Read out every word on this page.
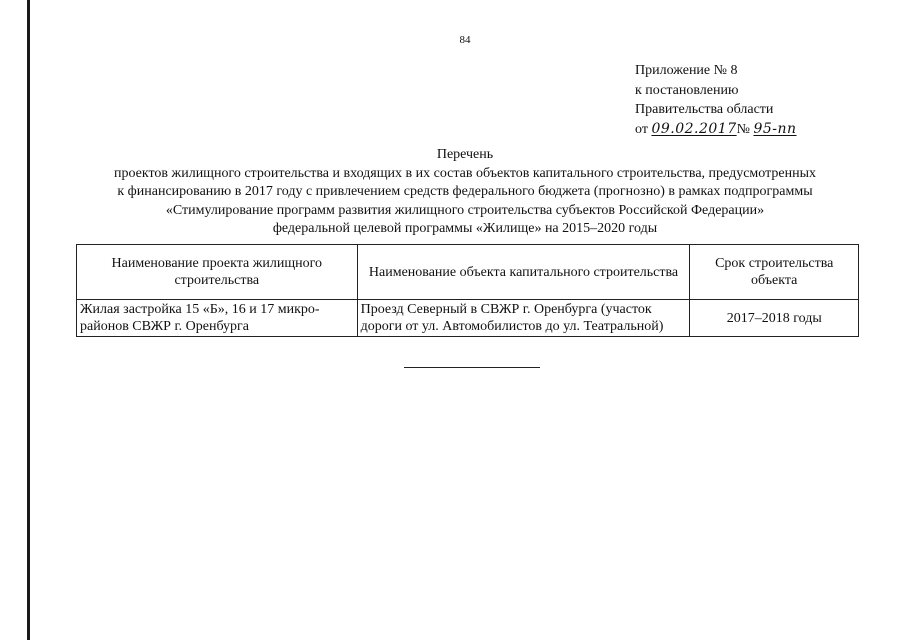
84
Приложение № 8
к постановлению
Правительства области
от 09.02.2017№ 95-пп
Перечень
проектов жилищного строительства и входящих в их состав объектов капитального строительства, предусмотренных
к финансированию в 2017 году с привлечением средств федерального бюджета (прогнозно) в рамках подпрограммы
«Стимулирование программ развития жилищного строительства субъектов Российской Федерации»
федеральной целевой программы «Жилище» на 2015–2020 годы
Наименование проекта жилищного строительства	Наименование объекта капитального строительства	Срок строительства объекта
Жилая застройка 15 «Б», 16 и 17 микро-районов СВЖР г. Оренбурга	Проезд Северный в СВЖР г. Оренбурга (участок дороги от ул. Автомобилистов до ул. Театральной)	2017–2018 годы
